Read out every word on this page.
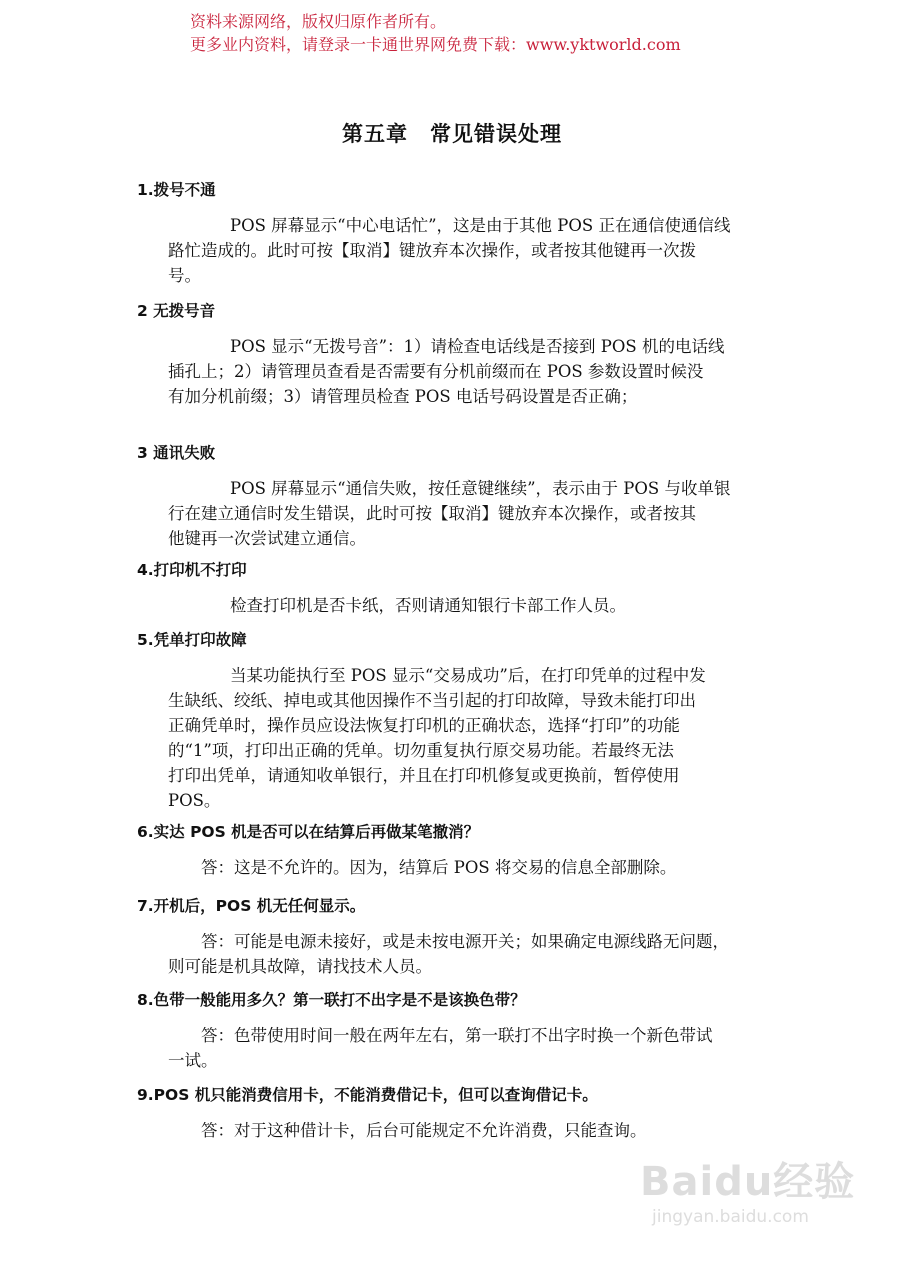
资料来源网络，版权归原作者所有。
更多业内资料，请登录一卡通世界网免费下载：www.yktworld.com
第五章　常见错误处理
1.拨号不通
POS 屏幕显示“中心电话忙”，这是由于其他 POS 正在通信使通信线
路忙造成的。此时可按【取消】键放弃本次操作，或者按其他键再一次拨
号。
2 无拨号音
POS 显示“无拨号音”：1）请检查电话线是否接到 POS 机的电话线
插孔上；2）请管理员查看是否需要有分机前缀而在 POS 参数设置时候没
有加分机前缀；3）请管理员检查 POS 电话号码设置是否正确；
3 通讯失败
POS 屏幕显示“通信失败，按任意键继续”，表示由于 POS 与收单银
行在建立通信时发生错误，此时可按【取消】键放弃本次操作，或者按其
他键再一次尝试建立通信。
4.打印机不打印
检查打印机是否卡纸，否则请通知银行卡部工作人员。
5.凭单打印故障
当某功能执行至 POS 显示“交易成功”后，在打印凭单的过程中发
生缺纸、绞纸、掉电或其他因操作不当引起的打印故障，导致未能打印出
正确凭单时，操作员应设法恢复打印机的正确状态，选择“打印”的功能
的“1”项，打印出正确的凭单。切勿重复执行原交易功能。若最终无法
打印出凭单，请通知收单银行，并且在打印机修复或更换前，暂停使用
POS。
6.实达 POS 机是否可以在结算后再做某笔撤消？
答：这是不允许的。因为，结算后 POS 将交易的信息全部删除。
7.开机后，POS 机无任何显示。
答：可能是电源未接好，或是未按电源开关；如果确定电源线路无问题，
则可能是机具故障，请找技术人员。
8.色带一般能用多久？第一联打不出字是不是该换色带？
答：色带使用时间一般在两年左右，第一联打不出字时换一个新色带试
一试。
9.POS 机只能消费信用卡，不能消费借记卡，但可以查询借记卡。
答：对于这种借计卡，后台可能规定不允许消费，只能查询。
Baidu经验
jingyan.baidu.com
